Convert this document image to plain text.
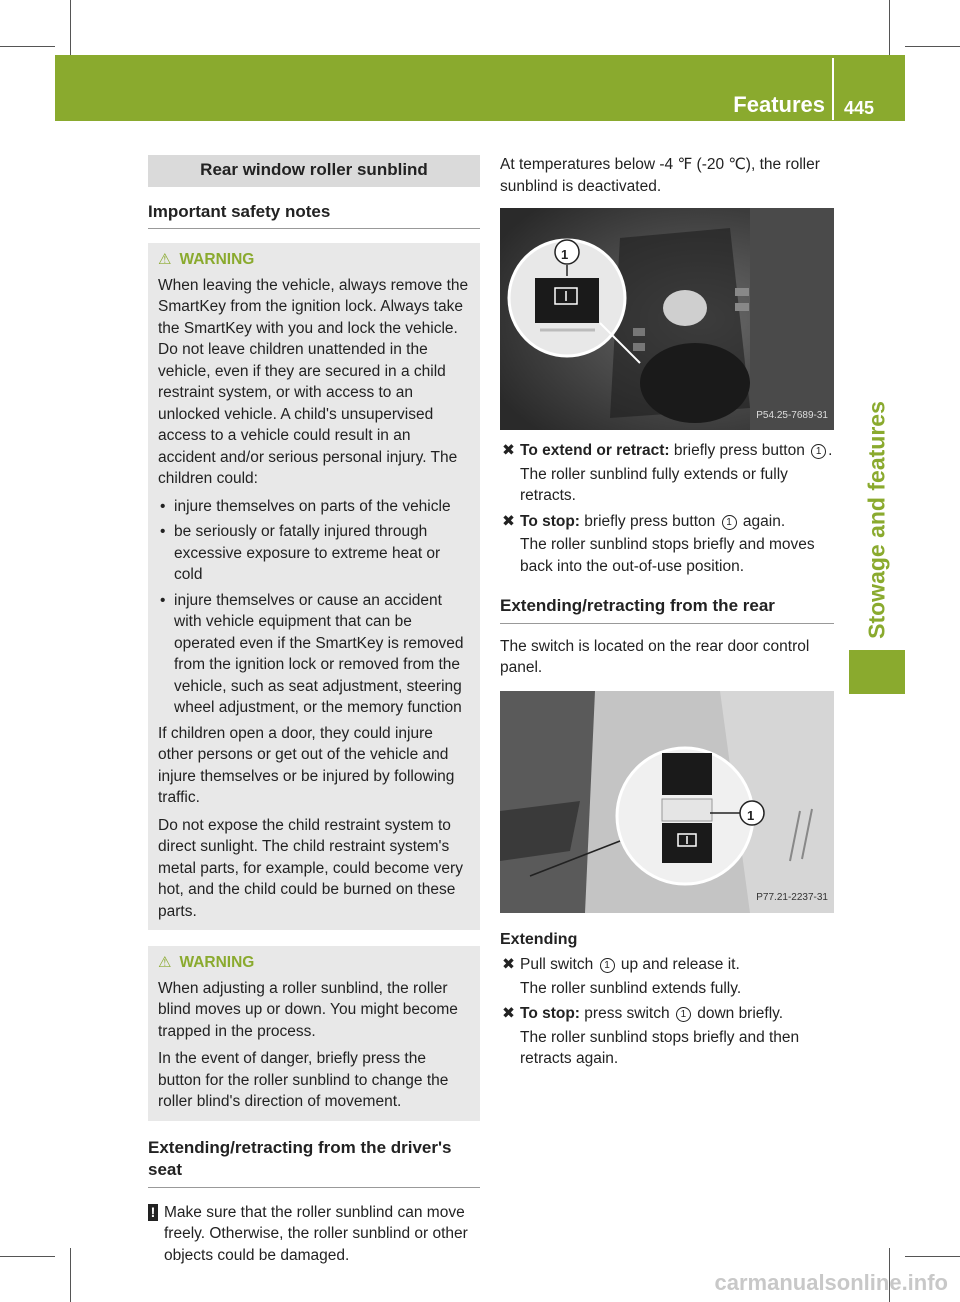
Features 445
Stowage and features
Rear window roller sunblind
Important safety notes
⚠ WARNING

When leaving the vehicle, always remove the SmartKey from the ignition lock. Always take the SmartKey with you and lock the vehicle. Do not leave children unattended in the vehicle, even if they are secured in a child restraint system, or with access to an unlocked vehicle. A child's unsupervised access to a vehicle could result in an accident and/or serious personal injury. The children could:

• injure themselves on parts of the vehicle
• be seriously or fatally injured through excessive exposure to extreme heat or cold
• injure themselves or cause an accident with vehicle equipment that can be operated even if the SmartKey is removed from the ignition lock or removed from the vehicle, such as seat adjustment, steering wheel adjustment, or the memory function

If children open a door, they could injure other persons or get out of the vehicle and injure themselves or be injured by following traffic.

Do not expose the child restraint system to direct sunlight. The child restraint system's metal parts, for example, could become very hot, and the child could be burned on these parts.

⚠ WARNING

When adjusting a roller sunblind, the roller blind moves up or down. You might become trapped in the process.

In the event of danger, briefly press the button for the roller sunblind to change the roller blind's direction of movement.

Extending/retracting from the driver's seat
! Make sure that the roller sunblind can move freely. Otherwise, the roller sunblind or other objects could be damaged.
At temperatures below -4 ℉ (-20 ℃), the roller sunblind is deactivated.
1
P54.25-7689-31
✖ To extend or retract: briefly press button 1 .
The roller sunblind fully extends or fully retracts.
✖ To stop: briefly press button 1 again.
The roller sunblind stops briefly and moves back into the out-of-use position.
Extending/retracting from the rear
The switch is located on the rear door control panel.
1
P77.21-2237-31
Extending
✖ Pull switch 1 up and release it.
The roller sunblind extends fully.
✖ To stop: press switch 1 down briefly.
The roller sunblind stops briefly and then retracts again.
carmanualsonline.info
